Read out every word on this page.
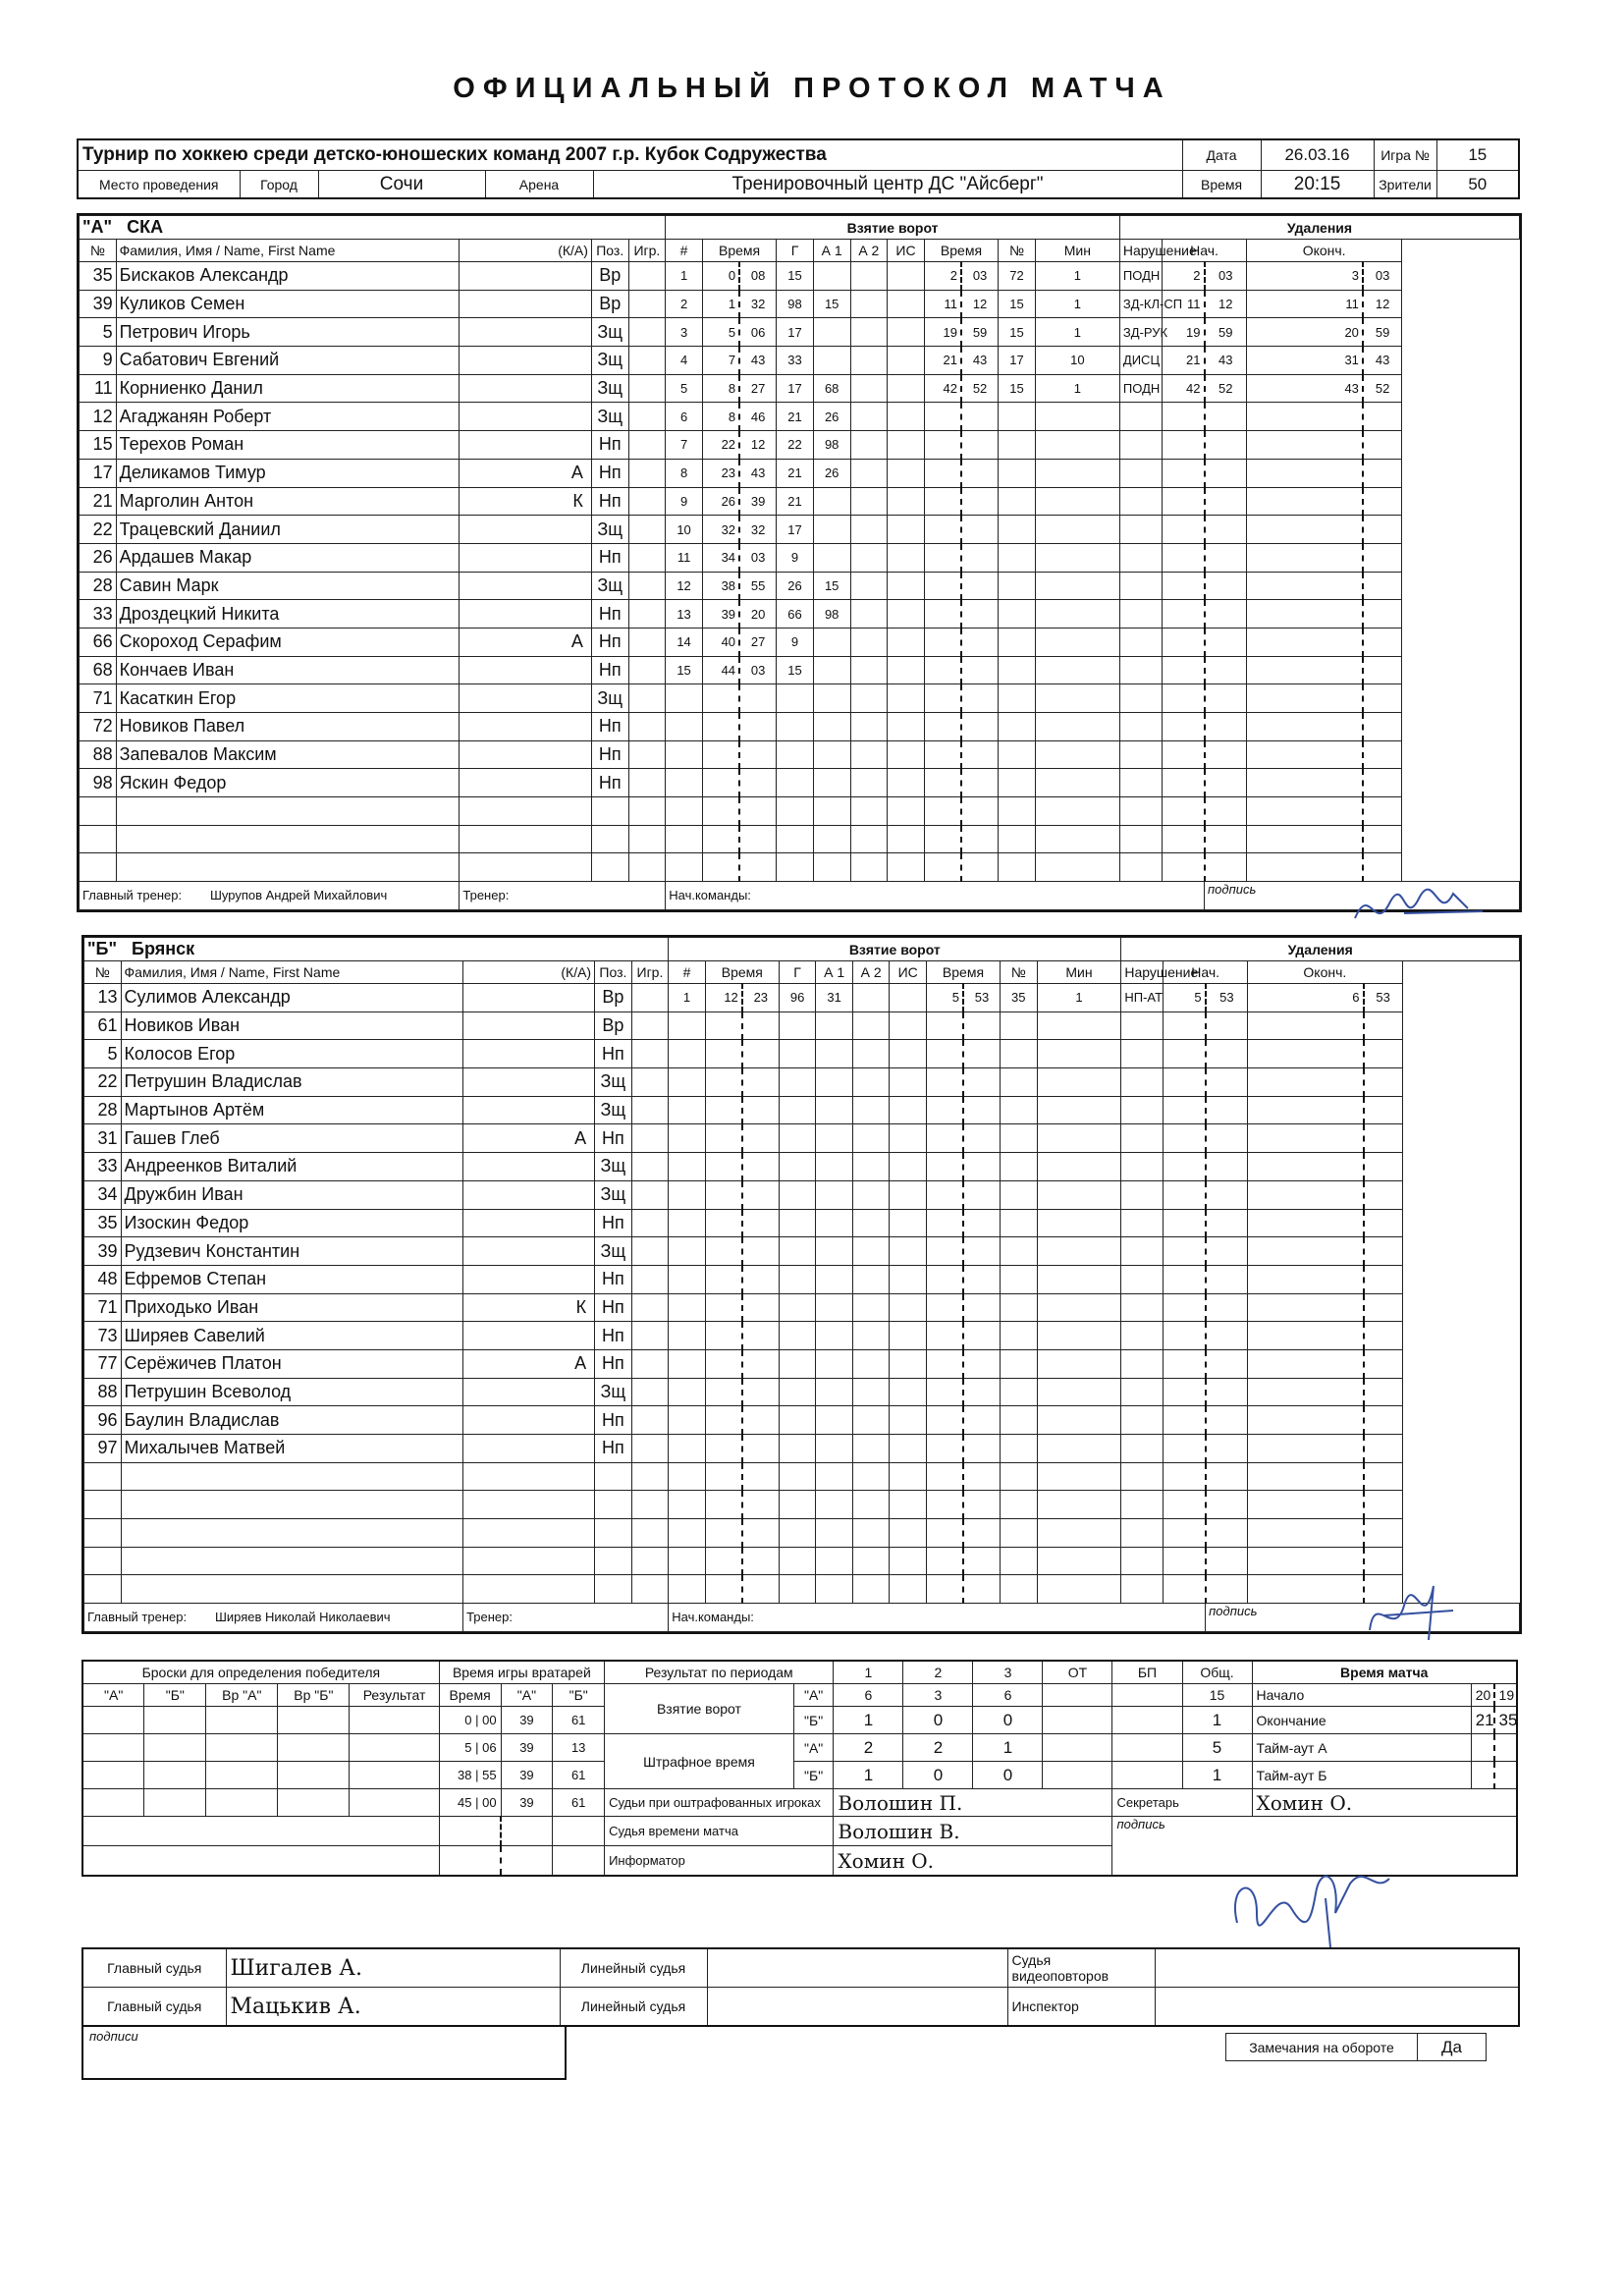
ОФИЦИАЛЬНЫЙ ПРОТОКОЛ МАТЧА
Турнир по хоккею среди детско-юношеских команд 2007 г.р. Кубок Содружества					Дата	26.03.16	Игра №	15
Место проведения	Город	Сочи	Арена	Тренировочный центр ДС "Айсберг"	Время	20:15	Зрители	50
"А" СКА					Взятие ворот											Удаления				
№	Фамилия, Имя / Name, First Name	(К/А)	Поз.	Игр.	#	Время		Г	А 1	А 2	ИС	Время		№	Мин	Нарушение	Нач.		Оконч.	
35	Бискаков Александр		Вр		1	0	08	15				2	03	72	1	ПОДН	2	03	3	03
39	Куликов Семен		Вр		2	1	32	98	15			11	12	15	1	ЗД-КЛ-СП	11	12	11	12
5	Петрович Игорь		Зщ		3	5	06	17				19	59	15	1	ЗД-РУК	19	59	20	59
9	Сабатович Евгений		Зщ		4	7	43	33				21	43	17	10	ДИСЦ	21	43	31	43
11	Корниенко Данил		Зщ		5	8	27	17	68			42	52	15	1	ПОДН	42	52	43	52
12	Агаджанян Роберт		Зщ		6	8	46	21	26											
15	Терехов Роман		Нп		7	22	12	22	98											
17	Деликамов Тимур	А	Нп		8	23	43	21	26											
21	Марголин Антон	К	Нп		9	26	39	21												
22	Трацевский Даниил		Зщ		10	32	32	17												
26	Ардашев Макар		Нп		11	34	03	9												
28	Савин Марк		Зщ		12	38	55	26	15											
33	Дроздецкий Никита		Нп		13	39	20	66	98											
66	Скороход Серафим	А	Нп		14	40	27	9												
68	Кончаев Иван		Нп		15	44	03	15												
71	Касаткин Егор		Зщ																	
72	Новиков Павел		Нп																	
88	Запевалов Максим		Нп																	
98	Яскин Федор		Нп																	

Главный тренер: Шурупов Андрей Михайлович		Тренер:			Нач.команды:													подпись		
"Б" Брянск					Взятие ворот											Удаления				
№	Фамилия, Имя / Name, First Name	(К/А)	Поз.	Игр.	#	Время		Г	А 1	А 2	ИС	Время		№	Мин	Нарушение	Нач.		Оконч.	
13	Сулимов Александр		Вр		1	12	23	96	31			5	53	35	1	НП-АТ	5	53	6	53
61	Новиков Иван		Вр																	
5	Колосов Егор		Нп																	
22	Петрушин Владислав		Зщ																	
28	Мартынов Артём		Зщ																	
31	Гашев Глеб	А	Нп																	
33	Андреенков Виталий		Зщ																	
34	Дружбин Иван		Зщ																	
35	Изоскин Федор		Нп																	
39	Рудзевич Константин		Зщ																	
48	Ефремов Степан		Нп																	
71	Приходько Иван	К	Нп																	
73	Ширяев Савелий		Нп																	
77	Серёжичев Платон	А	Нп																	
88	Петрушин Всеволод		Зщ																	
96	Баулин Владислав		Нп																	
97	Михалычев Матвей		Нп																	

Главный тренер: Ширяев Николай Николаевич		Тренер:			Нач.команды:													подпись		
Броски для определения победителя					Время игры вратарей			Результат по периодам		1	2	3	ОТ	БП	Общ.	Время матча		
"А"	"Б"	Вр "А"	Вр "Б"	Результат	Время	"А"	"Б"	Взятие ворот	"А"	6	3	6			15	Начало	20	19
					0 | 00	39	61		"Б"	1	0	0			1	Окончание	21	35
					5 | 06	39	13	Штрафное время	"А"	2	2	1			5	Тайм-аут А		
					38 | 55	39	61		"Б"	1	0	0			1	Тайм-аут Б		
					45 | 00	39	61	Судьи при оштрафованных игроках		Волошин П.				Секретарь		Хомин О.		
								Судья времени матча		Волошин В.				подпись				
								Информатор		Хомин О.								
Главный судья	Шигалев А.	Линейный судья		Судья видеоповторов	
Главный судья	Мацькив А.	Линейный судья		Инспектор	
подписи
Замечания на обороте	Да
